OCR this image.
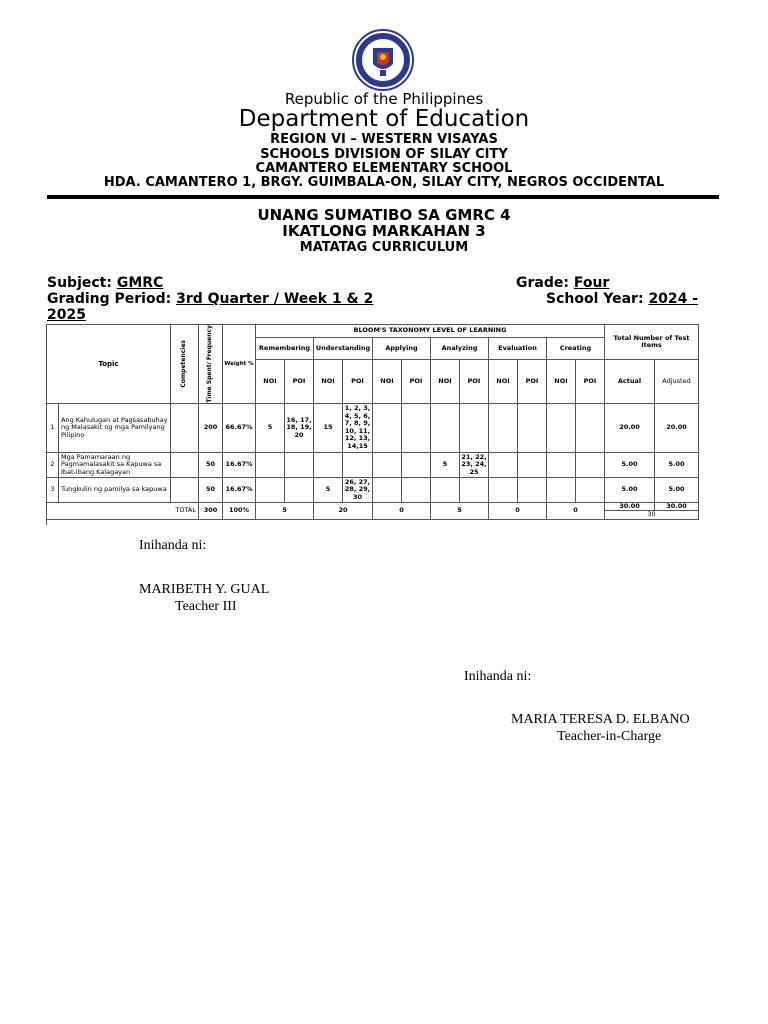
Republic of the Philippines
Department of Education
REGION VI – WESTERN VISAYAS
SCHOOLS DIVISION OF SILAY CITY
CAMANTERO ELEMENTARY SCHOOL
HDA. CAMANTERO 1, BRGY. GUIMBALA-ON, SILAY CITY, NEGROS OCCIDENTAL
UNANG SUMATIBO SA GMRC 4
IKATLONG MARKAHAN 3
MATATAG CURRICULUM
Subject: GMRC	Grade: Four
Grading Period: 3rd Quarter / Week 1 & 2	School Year: 2024 -
2025
Topic		Competencies	Time Spent/ Frequency	Weight %	BLOOM'S TAXONOMY LEVEL OF LEARNING												Total Number of Test Items	
					Remembering		Understanding		Applying		Analyzing		Evaluation		Creating			
					NOI	POI	NOI	POI	NOI	POI	NOI	POI	NOI	POI	NOI	POI	Actual	Adjusted
1	Ang Kahulugan at Pagsasabuhay ng Malasakit ng mga Pamilyang Pilipino		200	66.67%	5	16, 17, 18, 19, 20	15	1, 2, 3, 4, 5, 6, 7, 8, 9, 10, 11, 12, 13, 14,15									20.00	20.00
2	Mga Pamamaraan ng Pagmamalasakit sa Kapuwa sa Ibat-ibang Kalagayan		50	16.67%							5	21, 22, 23, 24, 25					5.00	5.00
3	Tungkulin ng pamilya sa kapuwa		50	16.67%			5	26, 27, 28, 29, 30									5.00	5.00
TOTAL			300	100%	5		20		0		5		0		0		30.00	30.00
																	30	

Inihanda ni:
MARIBETH Y. GUAL
Teacher III
Inihanda ni:
MARIA TERESA D. ELBANO
Teacher-in-Charge
